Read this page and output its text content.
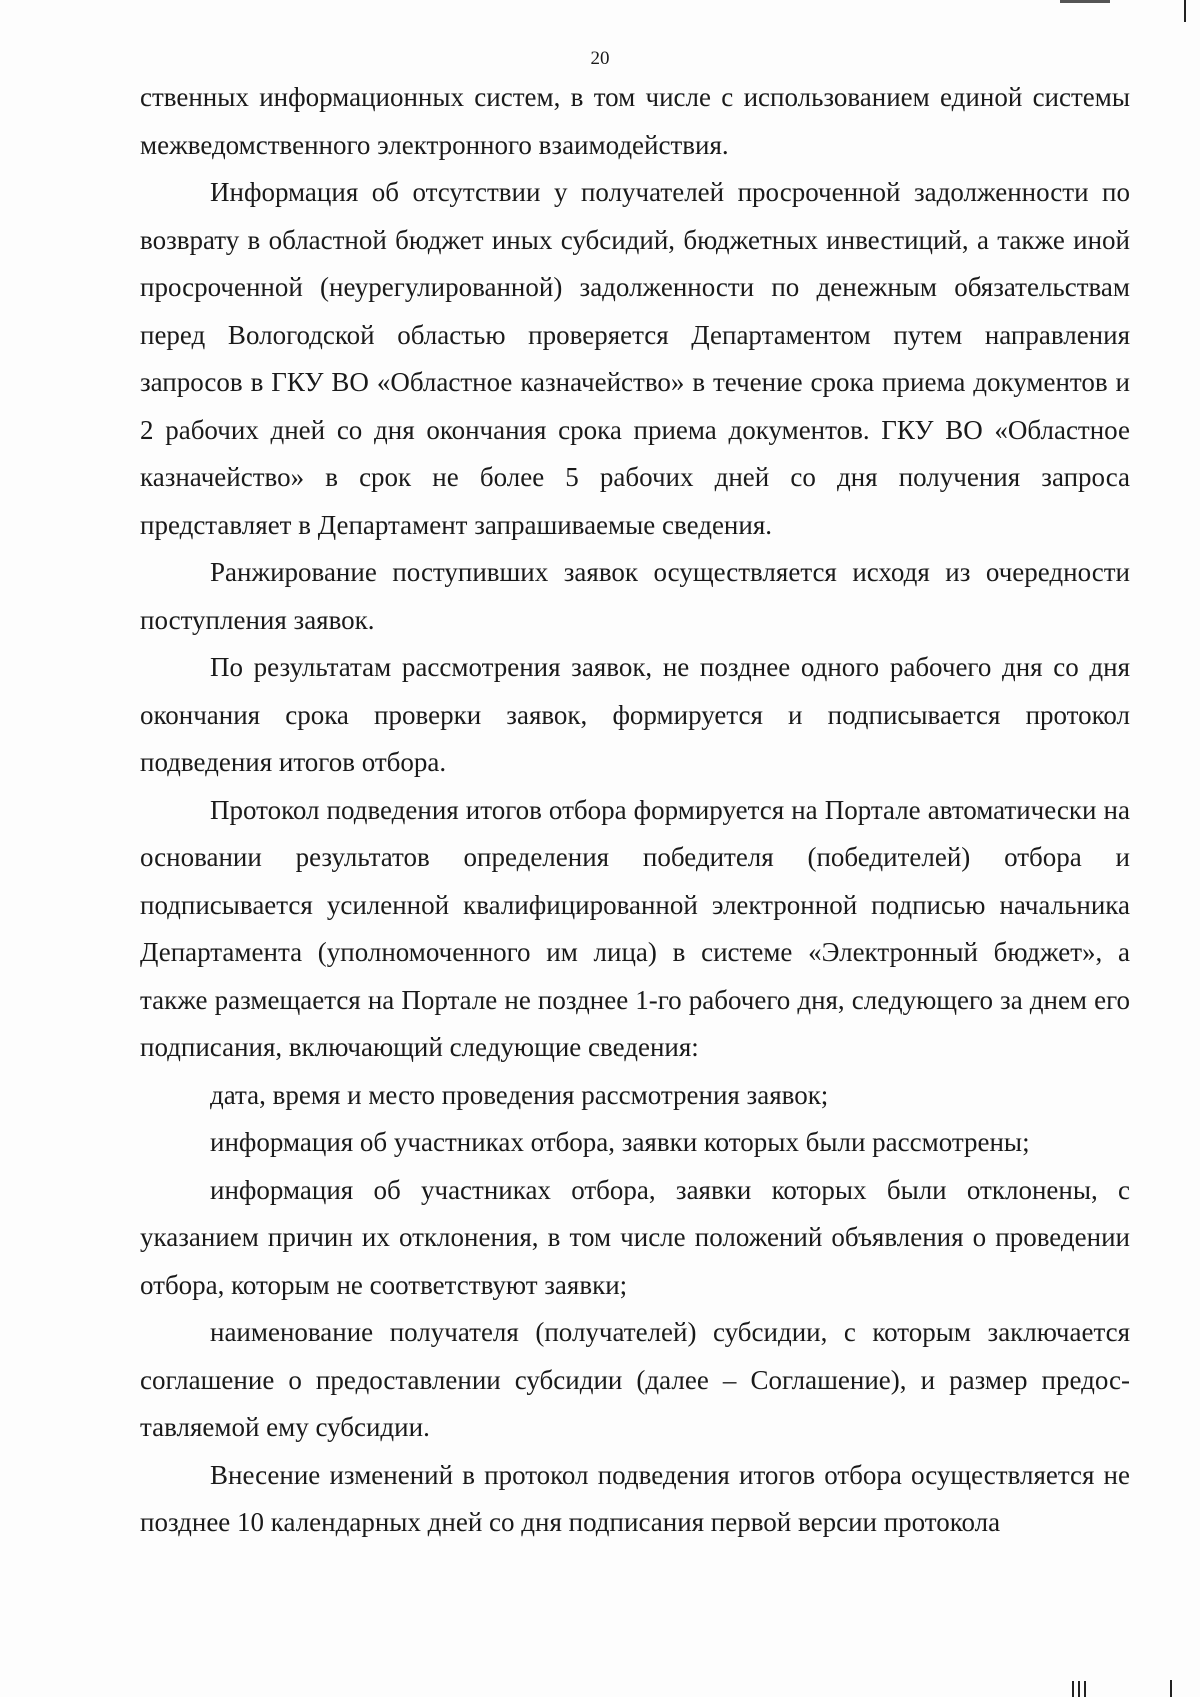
20

ственных информационных систем, в том числе с использованием единой системы межведомственного электронного взаимодействия.

Информация об отсутствии у получателей просроченной задолженности по возврату в областной бюджет иных субсидий, бюджетных инвестиций, а также иной просроченной (неурегулированной) задолженности по денежным обязательствам перед Вологодской областью проверяется Департаментом путем направления запросов в ГКУ ВО «Областное казначейство» в течение срока приема документов и 2 рабочих дней со дня окончания срока приема документов. ГКУ ВО «Областное казначейство» в срок не более 5 рабочих дней со дня получения запроса представляет в Департамент запрашиваемые сведения.

Ранжирование поступивших заявок осуществляется исходя из очередности поступления заявок.

По результатам рассмотрения заявок, не позднее одного рабочего дня со дня окончания срока проверки заявок, формируется и подписывается протокол подведения итогов отбора.

Протокол подведения итогов отбора формируется на Портале автоматически на основании результатов определения победителя (победителей) отбора и подписывается усиленной квалифицированной электронной подписью начальника Департамента (уполномоченного им лица) в системе «Электронный бюджет», а также размещается на Портале не позднее 1-го рабочего дня, следующего за днем его подписания, включающий следующие сведения:

дата, время и место проведения рассмотрения заявок;

информация об участниках отбора, заявки которых были рассмотрены;

информация об участниках отбора, заявки которых были отклонены, с указанием причин их отклонения, в том числе положений объявления о проведении отбора, которым не соответствуют заявки;

наименование получателя (получателей) субсидии, с которым заключается соглашение о предоставлении субсидии (далее – Соглашение), и размер предоставляемой ему субсидии.

Внесение изменений в протокол подведения итогов отбора осуществляется не позднее 10 календарных дней со дня подписания первой версии протокола
